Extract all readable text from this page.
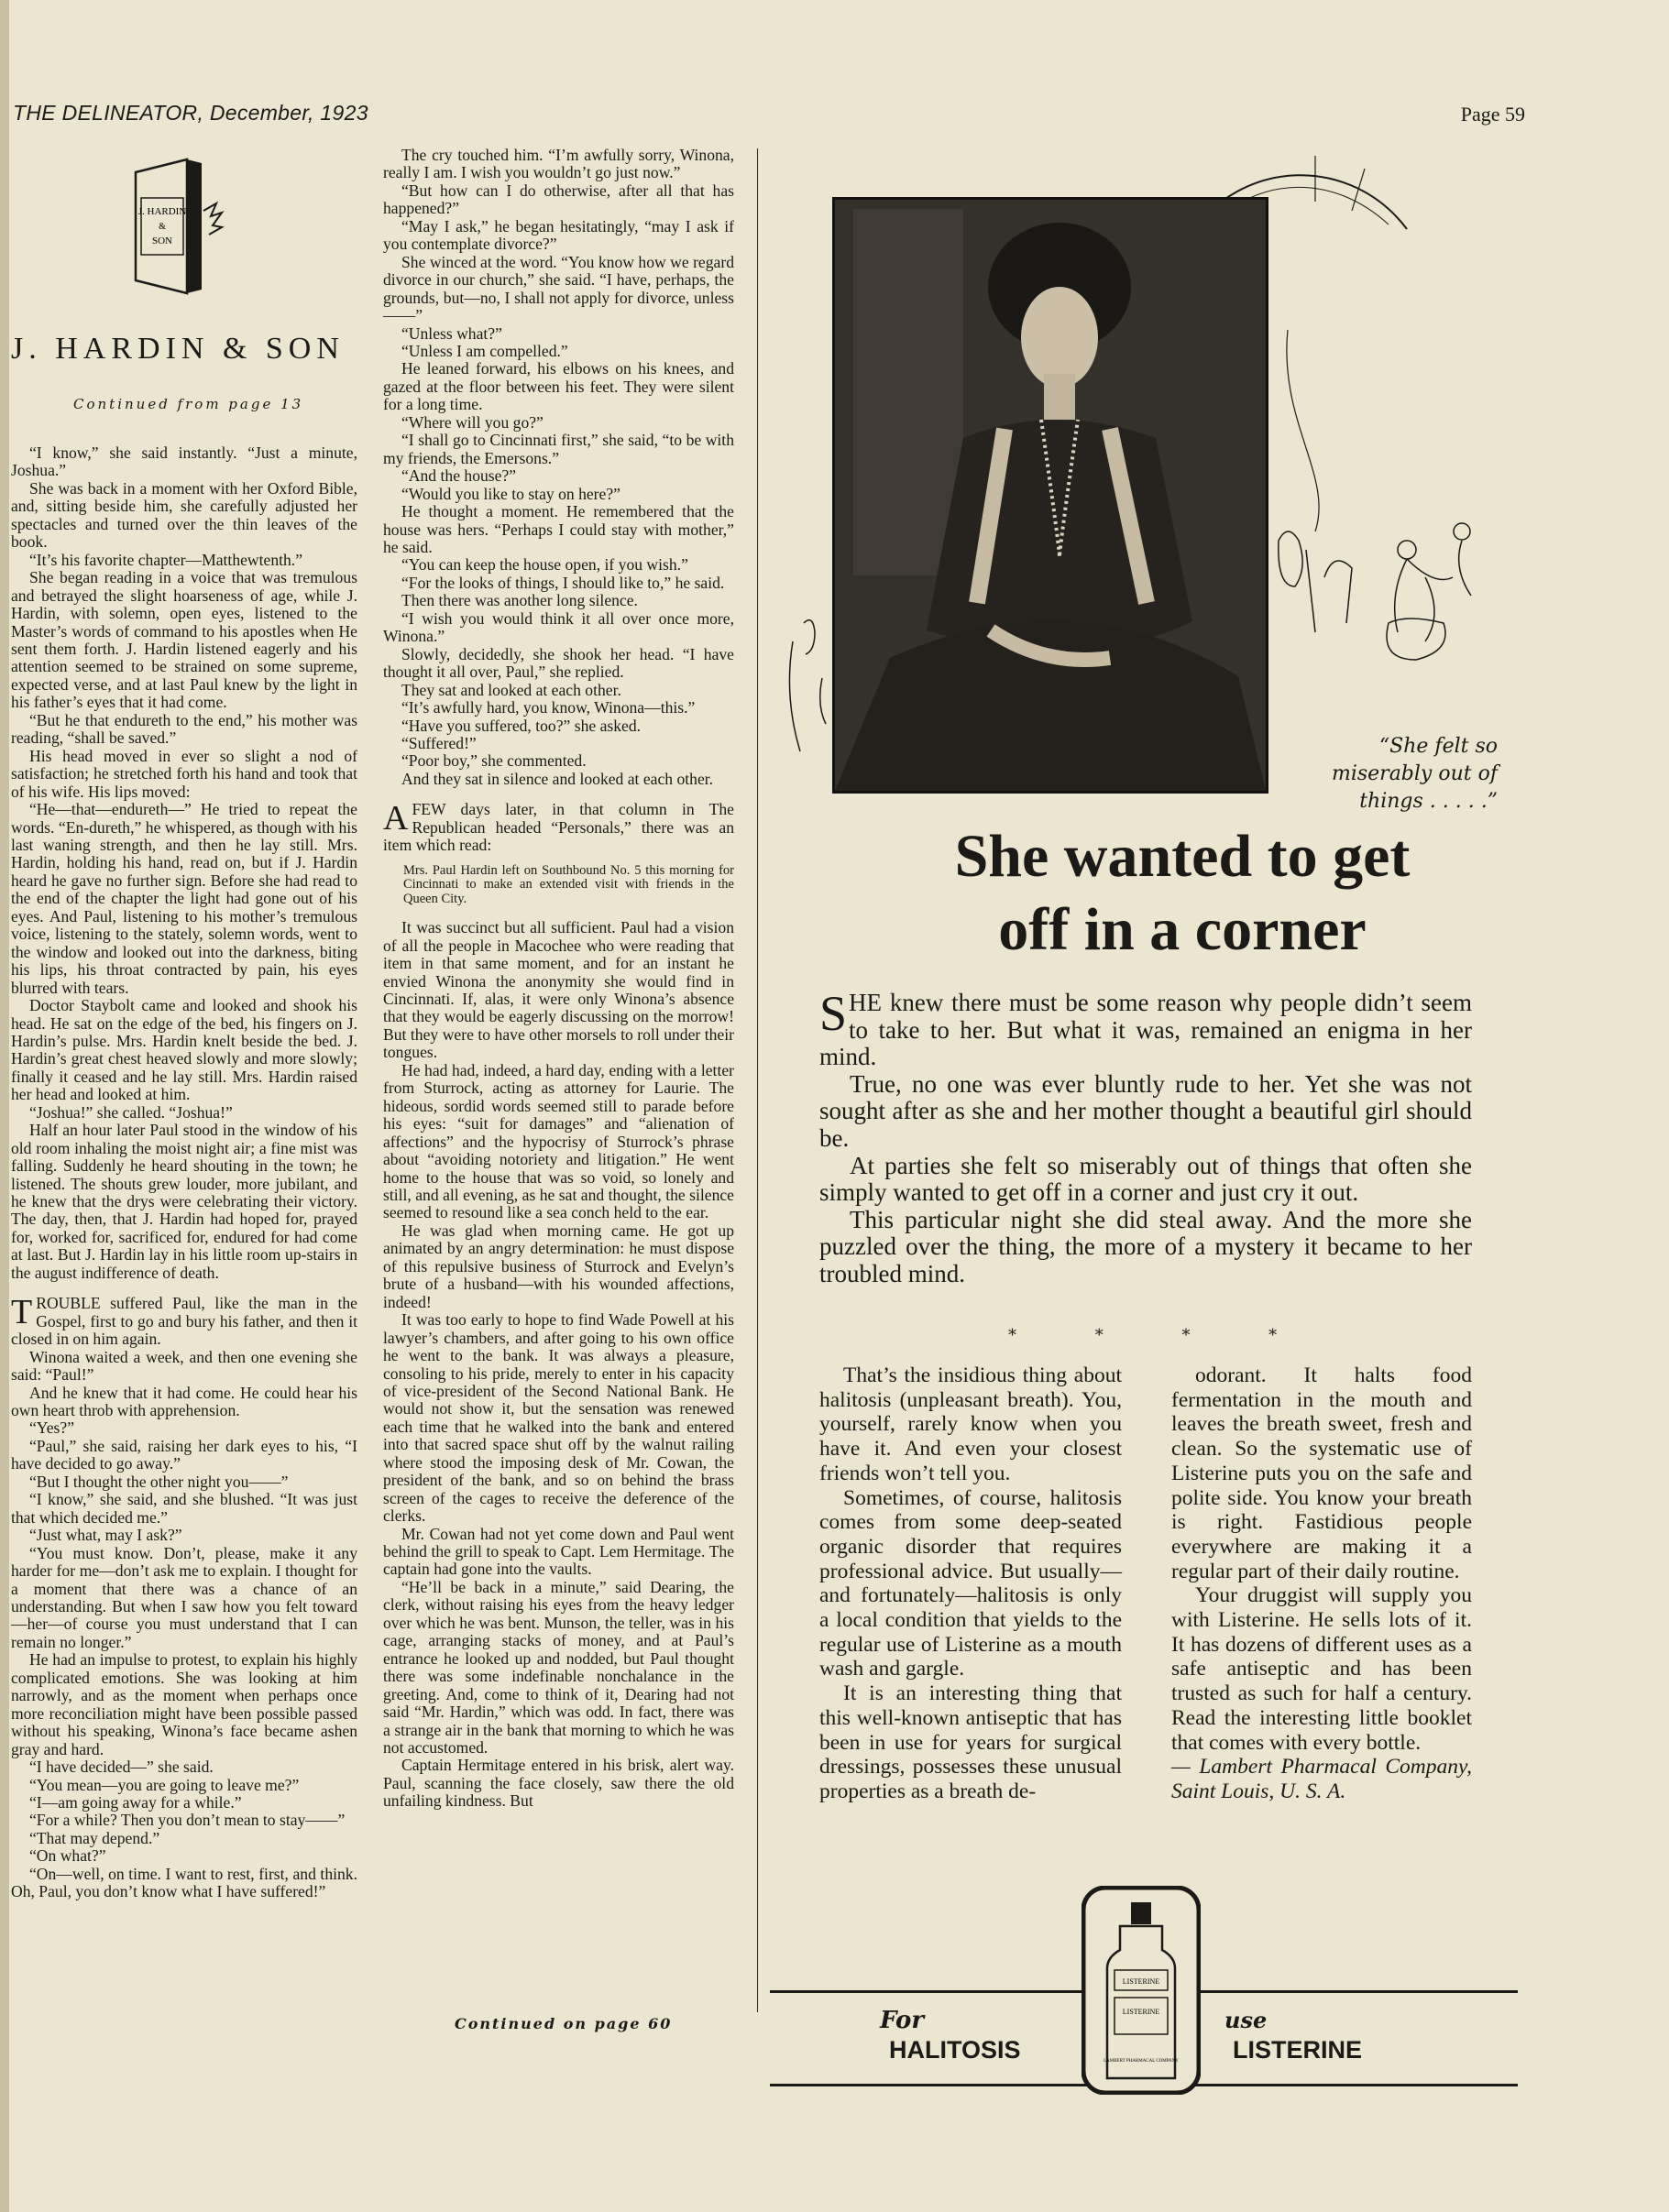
THE DELINEATOR, December, 1923	Page 59
J. HARDIN
&
SON
J. HARDIN & SON
Continued from page 13

“I know,” she said instantly. “Just a minute, Joshua.”

She was back in a moment with her Oxford Bible, and, sitting beside him, she carefully adjusted her spectacles and turned over the thin leaves of the book.

“It’s his favorite chapter—Matthewtenth.”

She began reading in a voice that was tremulous and betrayed the slight hoarseness of age, while J. Hardin, with solemn, open eyes, listened to the Master’s words of command to his apostles when He sent them forth. J. Hardin listened eagerly and his attention seemed to be strained on some supreme, expected verse, and at last Paul knew by the light in his father’s eyes that it had come.

“But he that endureth to the end,” his mother was reading, “shall be saved.”

His head moved in ever so slight a nod of satisfaction; he stretched forth his hand and took that of his wife. His lips moved:

“He—that—endureth—” He tried to repeat the words. “En-dureth,” he whispered, as though with his last waning strength, and then he lay still. Mrs. Hardin, holding his hand, read on, but if J. Hardin heard he gave no further sign. Before she had read to the end of the chapter the light had gone out of his eyes. And Paul, listening to his mother’s tremulous voice, listening to the stately, solemn words, went to the window and looked out into the darkness, biting his lips, his throat contracted by pain, his eyes blurred with tears.

Doctor Staybolt came and looked and shook his head. He sat on the edge of the bed, his fingers on J. Hardin’s pulse. Mrs. Hardin knelt beside the bed. J. Hardin’s great chest heaved slowly and more slowly; finally it ceased and he lay still. Mrs. Hardin raised her head and looked at him.

“Joshua!” she called. “Joshua!”

Half an hour later Paul stood in the window of his old room inhaling the moist night air; a fine mist was falling. Suddenly he heard shouting in the town; he listened. The shouts grew louder, more jubilant, and he knew that the drys were celebrating their victory. The day, then, that J. Hardin had hoped for, prayed for, worked for, sacrificed for, endured for had come at last. But J. Hardin lay in his little room up-stairs in the august indifference of death.

TROUBLE suffered Paul, like the man in the Gospel, first to go and bury his father, and then it closed in on him again.

Winona waited a week, and then one evening she said: “Paul!”

And he knew that it had come. He could hear his own heart throb with apprehension.

“Yes?”

“Paul,” she said, raising her dark eyes to his, “I have decided to go away.”

“But I thought the other night you——”

“I know,” she said, and she blushed. “It was just that which decided me.”

“Just what, may I ask?”

“You must know. Don’t, please, make it any harder for me—don’t ask me to explain. I thought for a moment that there was a chance of an understanding. But when I saw how you felt toward—her—of course you must understand that I can remain no longer.”

He had an impulse to protest, to explain his highly complicated emotions. She was looking at him narrowly, and as the moment when perhaps once more reconciliation might have been possible passed without his speaking, Winona’s face became ashen gray and hard.

“I have decided—” she said.

“You mean—you are going to leave me?”

“I—am going away for a while.”

“For a while? Then you don’t mean to stay——”

“That may depend.”

“On what?”

“On—well, on time. I want to rest, first, and think. Oh, Paul, you don’t know what I have suffered!”

The cry touched him. “I’m awfully sorry, Winona, really I am. I wish you wouldn’t go just now.”

“But how can I do otherwise, after all that has happened?”

“May I ask,” he began hesitatingly, “may I ask if you contemplate divorce?”

She winced at the word. “You know how we regard divorce in our church,” she said. “I have, perhaps, the grounds, but—no, I shall not apply for divorce, unless——”

“Unless what?”

“Unless I am compelled.”

He leaned forward, his elbows on his knees, and gazed at the floor between his feet. They were silent for a long time.

“Where will you go?”

“I shall go to Cincinnati first,” she said, “to be with my friends, the Emersons.”

“And the house?”

“Would you like to stay on here?”

He thought a moment. He remembered that the house was hers. “Perhaps I could stay with mother,” he said.

“You can keep the house open, if you wish.”

“For the looks of things, I should like to,” he said.

Then there was another long silence.

“I wish you would think it all over once more, Winona.”

Slowly, decidedly, she shook her head. “I have thought it all over, Paul,” she replied.

They sat and looked at each other.

“It’s awfully hard, you know, Winona—this.”

“Have you suffered, too?” she asked.

“Suffered!”

“Poor boy,” she commented.

And they sat in silence and looked at each other.

AFEW days later, in that column in The Republican headed “Personals,” there was an item which read:

Mrs. Paul Hardin left on Southbound No. 5 this morning for Cincinnati to make an extended visit with friends in the Queen City.

It was succinct but all sufficient. Paul had a vision of all the people in Macochee who were reading that item in that same moment, and for an instant he envied Winona the anonymity she would find in Cincinnati. If, alas, it were only Winona’s absence that they would be eagerly discussing on the morrow! But they were to have other morsels to roll under their tongues.

He had had, indeed, a hard day, ending with a letter from Sturrock, acting as attorney for Laurie. The hideous, sordid words seemed still to parade before his eyes: “suit for damages” and “alienation of affections” and the hypocrisy of Sturrock’s phrase about “avoiding notoriety and litigation.” He went home to the house that was so void, so lonely and still, and all evening, as he sat and thought, the silence seemed to resound like a sea conch held to the ear.

He was glad when morning came. He got up animated by an angry determination: he must dispose of this repulsive business of Sturrock and Evelyn’s brute of a husband—with his wounded affections, indeed!

It was too early to hope to find Wade Powell at his lawyer’s chambers, and after going to his own office he went to the bank. It was always a pleasure, consoling to his pride, merely to enter in his capacity of vice-president of the Second National Bank. He would not show it, but the sensation was renewed each time that he walked into the bank and entered into that sacred space shut off by the walnut railing where stood the imposing desk of Mr. Cowan, the president of the bank, and so on behind the brass screen of the cages to receive the deference of the clerks.

Mr. Cowan had not yet come down and Paul went behind the grill to speak to Capt. Lem Hermitage. The captain had gone into the vaults.

“He’ll be back in a minute,” said Dearing, the clerk, without raising his eyes from the heavy ledger over which he was bent. Munson, the teller, was in his cage, arranging stacks of money, and at Paul’s entrance he looked up and nodded, but Paul thought there was some indefinable nonchalance in the greeting. And, come to think of it, Dearing had not said “Mr. Hardin,” which was odd. In fact, there was a strange air in the bank that morning to which he was not accustomed.

Captain Hermitage entered in his brisk, alert way. Paul, scanning the face closely, saw there the old unfailing kindness. But

Continued on page 60
“She felt so miserably out of things . . . . .”
She wanted to get
off in a corner

SHE knew there must be some reason why people didn’t seem to take to her. But what it was, remained an enigma in her mind.

True, no one was ever bluntly rude to her. Yet she was not sought after as she and her mother thought a beautiful girl should be.

At parties she felt so miserably out of things that often she simply wanted to get off in a corner and just cry it out.

This particular night she did steal away. And the more she puzzled over the thing, the more of a mystery it became to her troubled mind.

* * * *

That’s the insidious thing about halitosis (unpleasant breath). You, yourself, rarely know when you have it. And even your closest friends won’t tell you.

Sometimes, of course, halitosis comes from some deep-seated organic disorder that requires professional advice. But usually—and fortunately—halitosis is only a local condition that yields to the regular use of Listerine as a mouth wash and gargle.

It is an interesting thing that this well-known antiseptic that has been in use for years for surgical dressings, possesses these unusual properties as a breath de-

odorant. It halts food fermentation in the mouth and leaves the breath sweet, fresh and clean. So the systematic use of Listerine puts you on the safe and polite side. You know your breath is right. Fastidious people everywhere are making it a regular part of their daily routine.

Your druggist will supply you with Listerine. He sells lots of it. It has dozens of different uses as a safe antiseptic and has been trusted as such for half a century. Read the interesting little booklet that comes with every bottle.

— Lambert Pharmacal Company, Saint Louis, U. S. A.

For
HALITOSIS
use
LISTERINE
LISTERINE
LISTERINE
LAMBERT PHARMACAL COMPANY
